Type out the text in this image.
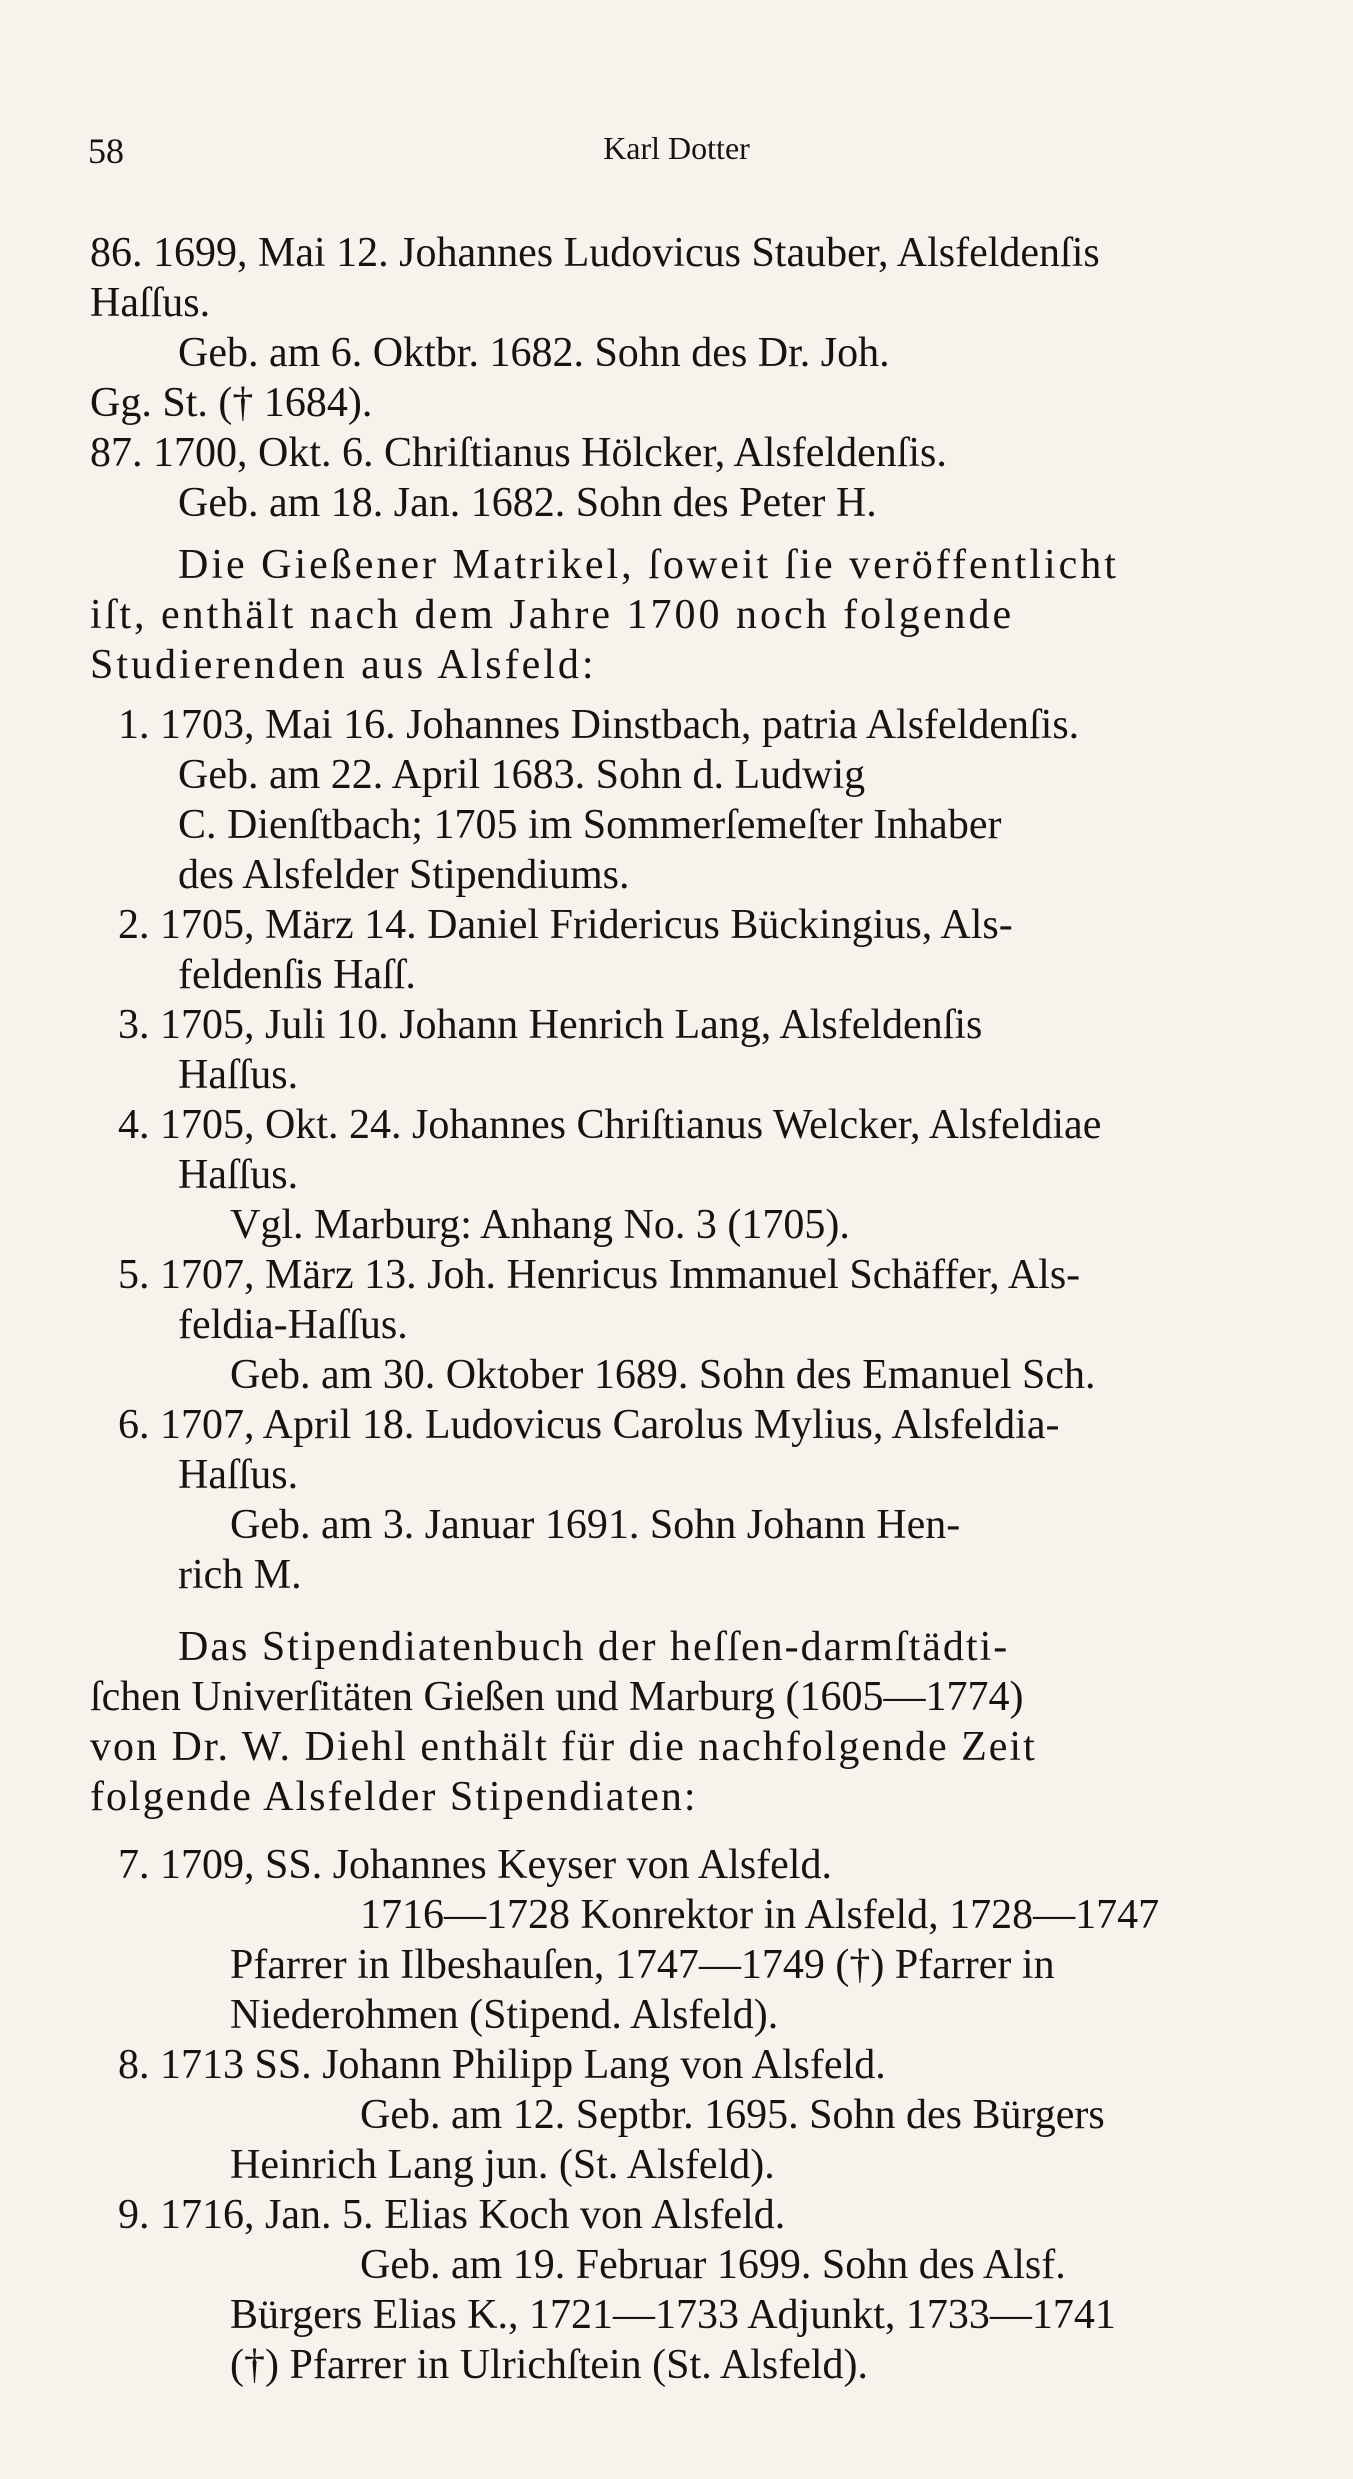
58	Karl Dotter
86. 1699, Mai 12. Johannes Ludovicus Stauber, Alsfeldenſis
Haſſus.
Geb. am 6. Oktbr. 1682. Sohn des Dr. Joh.
Gg. St. († 1684).
87. 1700, Okt. 6. Chriſtianus Hölcker, Alsfeldenſis.
Geb. am 18. Jan. 1682. Sohn des Peter H.
Die Gießener Matrikel, ſoweit ſie veröffentlicht
iſt, enthält nach dem Jahre 1700 noch folgende
Studierenden aus Alsfeld:
1. 1703, Mai 16. Johannes Dinstbach, patria Alsfeldenſis.
Geb. am 22. April 1683. Sohn d. Ludwig
C. Dienſtbach; 1705 im Sommerſemeſter Inhaber
des Alsfelder Stipendiums.
2. 1705, März 14. Daniel Fridericus Bückingius, Als-
feldenſis Haſſ.
3. 1705, Juli 10. Johann Henrich Lang, Alsfeldenſis
Haſſus.
4. 1705, Okt. 24. Johannes Chriſtianus Welcker, Alsfeldiae
Haſſus.
Vgl. Marburg: Anhang No. 3 (1705).
5. 1707, März 13. Joh. Henricus Immanuel Schäffer, Als-
feldia-Haſſus.
Geb. am 30. Oktober 1689. Sohn des Emanuel Sch.
6. 1707, April 18. Ludovicus Carolus Mylius, Alsfeldia-
Haſſus.
Geb. am 3. Januar 1691. Sohn Johann Hen-
rich M.
Das Stipendiatenbuch der heſſen-darmſtädti-
ſchen Univerſitäten Gießen und Marburg (1605—1774)
von Dr. W. Diehl enthält für die nachfolgende Zeit
folgende Alsfelder Stipendiaten:
7. 1709, SS. Johannes Keyser von Alsfeld.
1716—1728 Konrektor in Alsfeld, 1728—1747
Pfarrer in Ilbeshauſen, 1747—1749 (†) Pfarrer in
Niederohmen (Stipend. Alsfeld).
8. 1713 SS. Johann Philipp Lang von Alsfeld.
Geb. am 12. Septbr. 1695. Sohn des Bürgers
Heinrich Lang jun. (St. Alsfeld).
9. 1716, Jan. 5. Elias Koch von Alsfeld.
Geb. am 19. Februar 1699. Sohn des Alsf.
Bürgers Elias K., 1721—1733 Adjunkt, 1733—1741
(†) Pfarrer in Ulrichſtein (St. Alsfeld).
